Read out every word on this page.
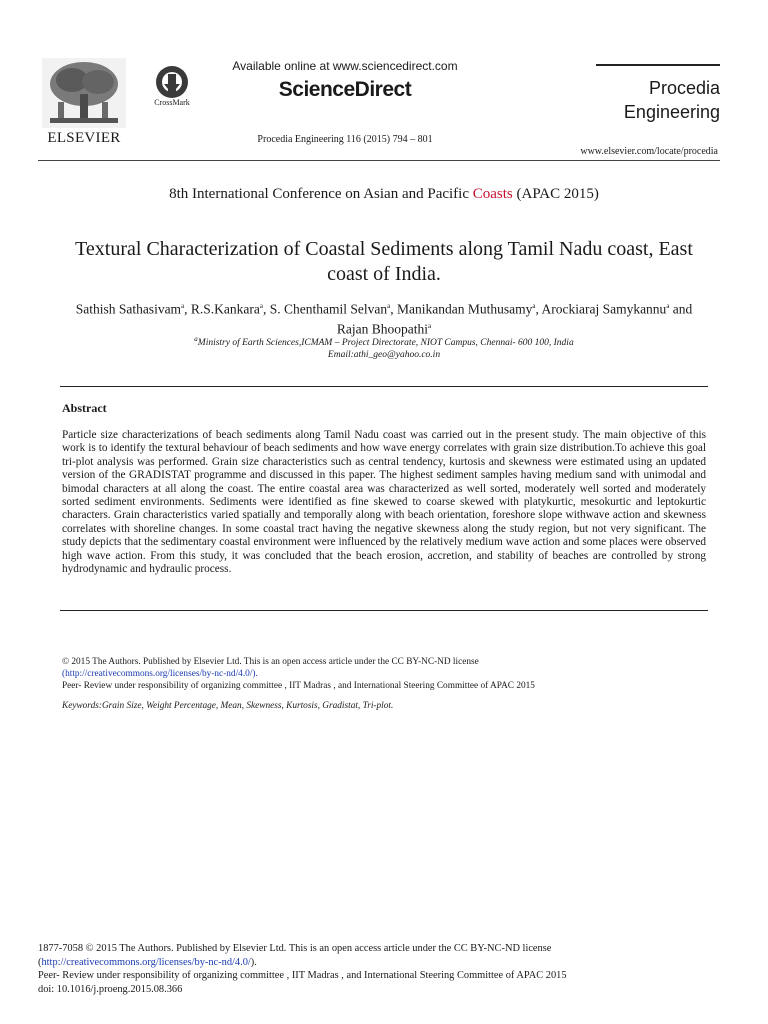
ELSEVIER
CrossMark
Available online at www.sciencedirect.com
ScienceDirect
Procedia Engineering 116 (2015) 794 – 801
Procedia
Engineering
www.elsevier.com/locate/procedia
8th International Conference on Asian and Pacific Coasts (APAC 2015)
Textural Characterization of Coastal Sediments along Tamil Nadu coast, East coast of India.
Sathish Sathasivam$^a$, R.S.Kankara$^a$, S. Chenthamil Selvan$^a$, Manikandan Muthusamy$^a$, Arockiaraj Samykannu$^a$ and Rajan Bhoopathi$^a$
$^a$Ministry of Earth Sciences,ICMAM – Project Directorate, NIOT Campus, Chennai- 600 100, India
Email:athi_geo@yahoo.co.in
Abstract
Particle size characterizations of beach sediments along Tamil Nadu coast was carried out in the present study. The main objective of this work is to identify the textural behaviour of beach sediments and how wave energy correlates with grain size distribution.To achieve this goal tri-plot analysis was performed. Grain size characteristics such as central tendency, kurtosis and skewness were estimated using an updated version of the GRADISTAT programme and discussed in this paper. The highest sediment samples having medium sand with unimodal and bimodal characters at all along the coast. The entire coastal area was characterized as well sorted, moderately well sorted and moderately sorted sediment environments. Sediments were identified as fine skewed to coarse skewed with platykurtic, mesokurtic and leptokurtic characters. Grain characteristics varied spatially and temporally along with beach orientation, foreshore slope withwave action and skewness correlates with shoreline changes. In some coastal tract having the negative skewness along the study region, but not very significant. The study depicts that the sedimentary coastal environment were influenced by the relatively medium wave action and some places were observed high wave action. From this study, it was concluded that the beach erosion, accretion, and stability of beaches are controlled by strong hydrodynamic and hydraulic process.
© 2015 The Authors. Published by Elsevier Ltd. This is an open access article under the CC BY-NC-ND license
(http://creativecommons.org/licenses/by-nc-nd/4.0/).
Peer- Review under responsibility of organizing committee , IIT Madras , and International Steering Committee of APAC 2015
Keywords:Grain Size, Weight Percentage, Mean, Skewness, Kurtosis, Gradistat, Tri-plot.
1877-7058 © 2015 The Authors. Published by Elsevier Ltd. This is an open access article under the CC BY-NC-ND license
(http://creativecommons.org/licenses/by-nc-nd/4.0/).
Peer- Review under responsibility of organizing committee , IIT Madras , and International Steering Committee of APAC 2015
doi: 10.1016/j.proeng.2015.08.366
